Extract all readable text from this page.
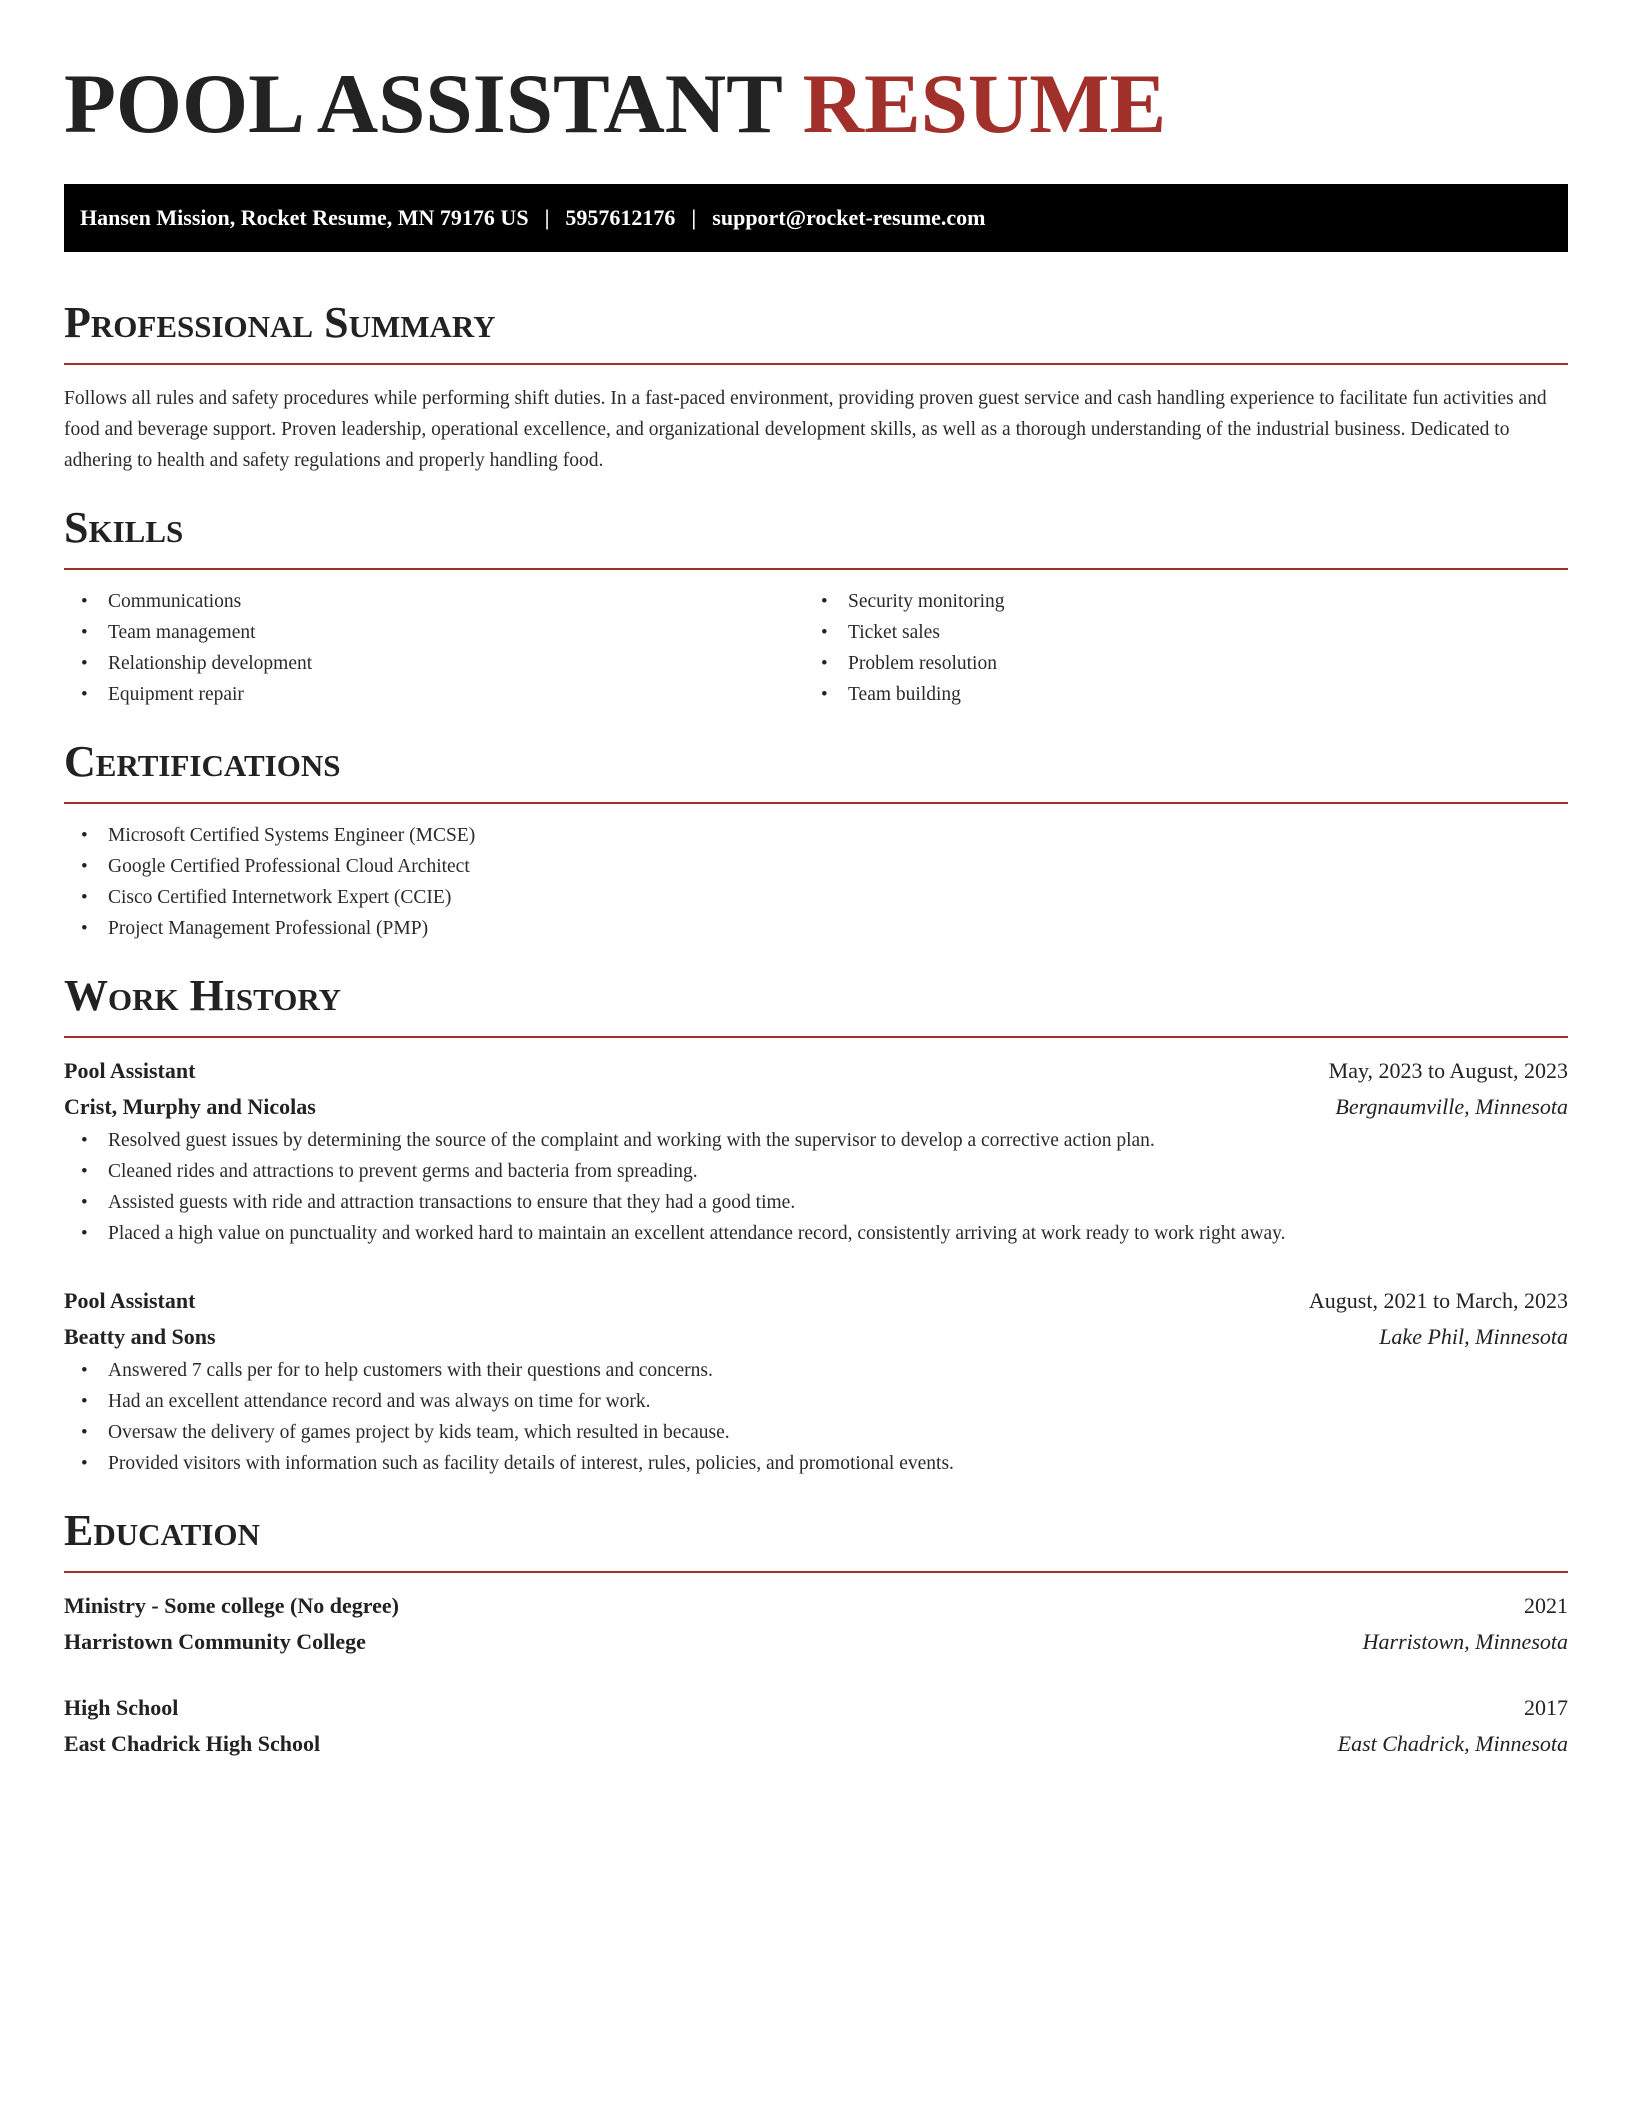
POOL ASSISTANT RESUME
Hansen Mission, Rocket Resume, MN 79176 US | 5957612176 | support@rocket-resume.com
Professional Summary

Follows all rules and safety procedures while performing shift duties. In a fast-paced environment, providing proven guest service and cash handling experience to facilitate fun activities and food and beverage support. Proven leadership, operational excellence, and organizational development skills, as well as a thorough understanding of the industrial business. Dedicated to adhering to health and safety regulations and properly handling food.

Skills
• Communications
• Team management
• Relationship development
• Equipment repair
• Security monitoring
• Ticket sales
• Problem resolution
• Team building
Certifications
• Microsoft Certified Systems Engineer (MCSE)
• Google Certified Professional Cloud Architect
• Cisco Certified Internetwork Expert (CCIE)
• Project Management Professional (PMP)
Work History
Pool Assistant	May, 2023 to August, 2023
Crist, Murphy and Nicolas	Bergnaumville, Minnesota
• Resolved guest issues by determining the source of the complaint and working with the supervisor to develop a corrective action plan.
• Cleaned rides and attractions to prevent germs and bacteria from spreading.
• Assisted guests with ride and attraction transactions to ensure that they had a good time.
• Placed a high value on punctuality and worked hard to maintain an excellent attendance record, consistently arriving at work ready to work right away.
Pool Assistant	August, 2021 to March, 2023
Beatty and Sons	Lake Phil, Minnesota
• Answered 7 calls per for to help customers with their questions and concerns.
• Had an excellent attendance record and was always on time for work.
• Oversaw the delivery of games project by kids team, which resulted in because.
• Provided visitors with information such as facility details of interest, rules, policies, and promotional events.
Education
Ministry - Some college (No degree)	2021
Harristown Community College	Harristown, Minnesota
High School	2017
East Chadrick High School	East Chadrick, Minnesota
